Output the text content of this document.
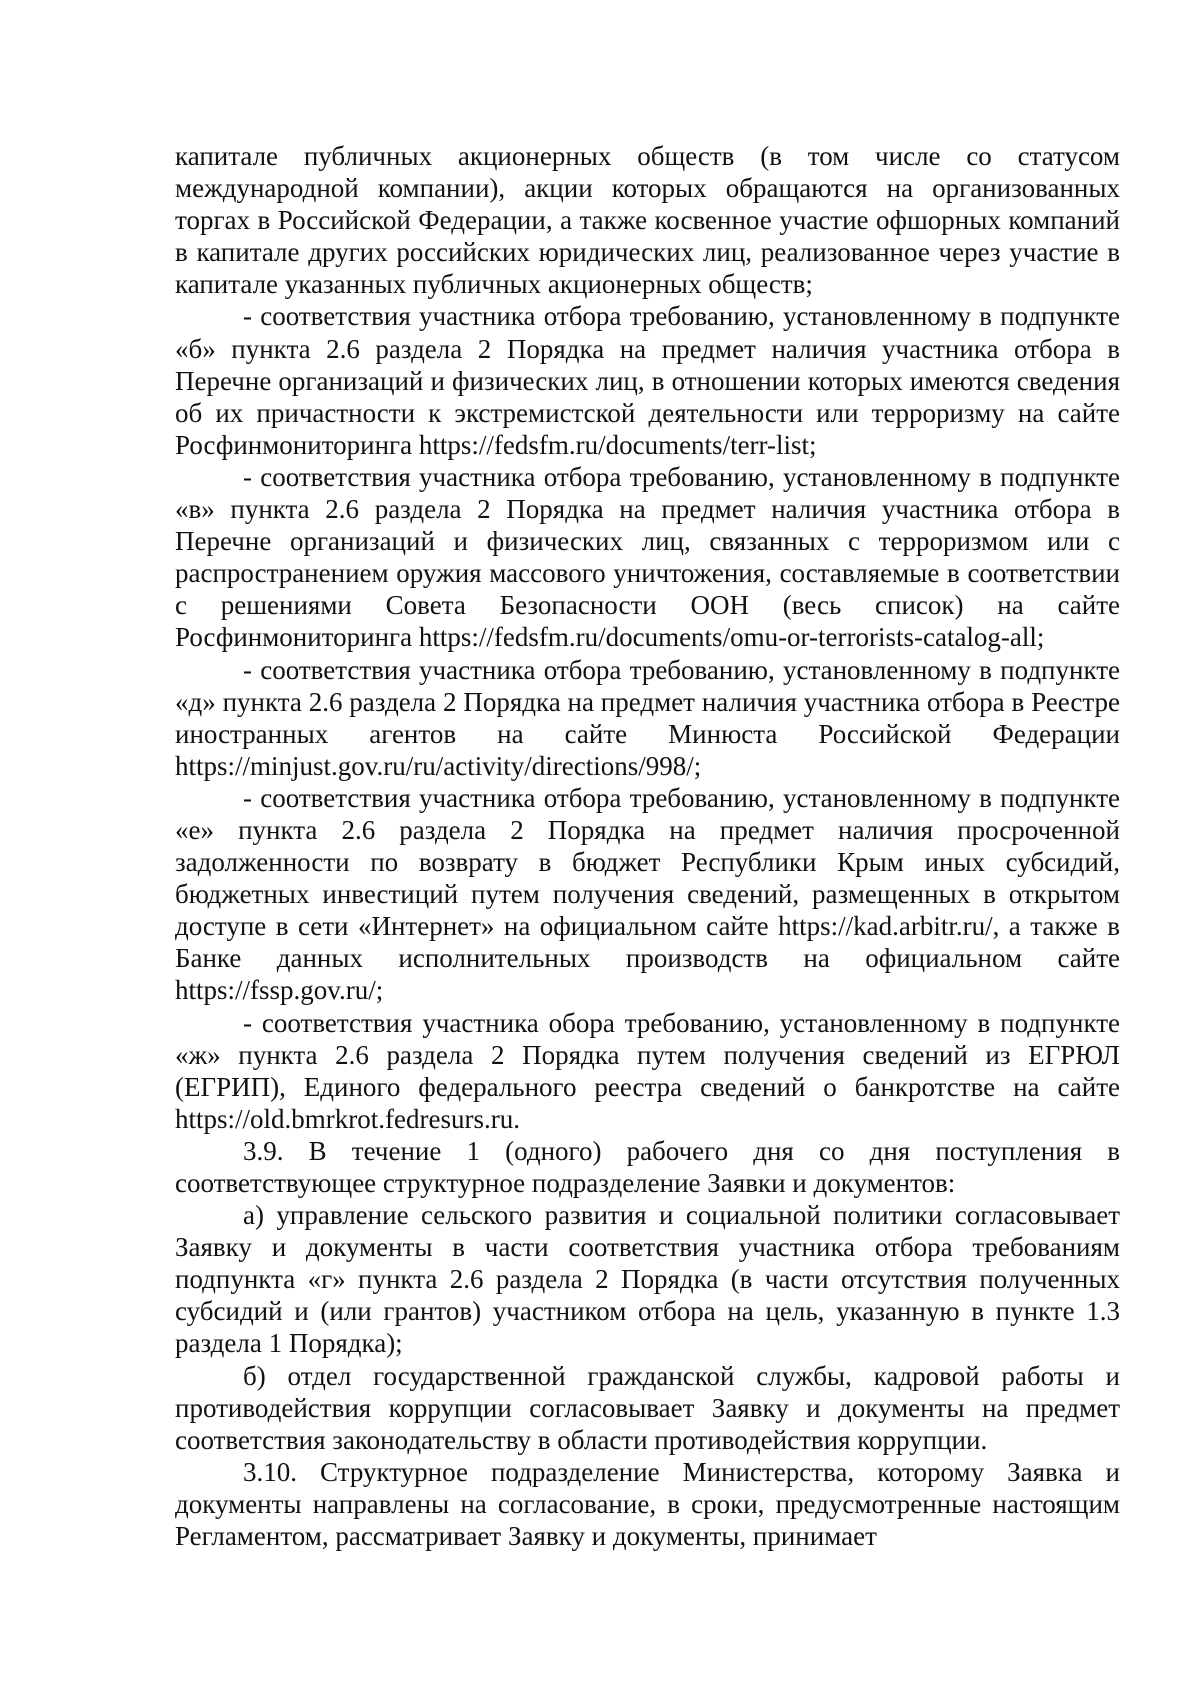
капитале публичных акционерных обществ (в том числе со статусом международной компании), акции которых обращаются на организованных торгах в Российской Федерации, а также косвенное участие офшорных компаний в капитале других российских юридических лиц, реализованное через участие в капитале указанных публичных акционерных обществ;

- соответствия участника отбора требованию, установленному в подпункте «б» пункта 2.6 раздела 2 Порядка на предмет наличия участника отбора в Перечне организаций и физических лиц, в отношении которых имеются сведения об их причастности к экстремистской деятельности или терроризму на сайте Росфинмониторинга https://fedsfm.ru/documents/terr-list;

- соответствия участника отбора требованию, установленному в подпункте «в» пункта 2.6 раздела 2 Порядка на предмет наличия участника отбора в Перечне организаций и физических лиц, связанных с терроризмом или с распространением оружия массового уничтожения, составляемые в соответствии с решениями Совета Безопасности ООН (весь список) на сайте Росфинмониторинга https://fedsfm.ru/documents/omu-or-terrorists-catalog-all;

- соответствия участника отбора требованию, установленному в подпункте «д» пункта 2.6 раздела 2 Порядка на предмет наличия участника отбора в Реестре иностранных агентов на сайте Минюста Российской Федерации https://minjust.gov.ru/ru/activity/directions/998/;

- соответствия участника отбора требованию, установленному в подпункте «е» пункта 2.6 раздела 2 Порядка на предмет наличия просроченной задолженности по возврату в бюджет Республики Крым иных субсидий, бюджетных инвестиций путем получения сведений, размещенных в открытом доступе в сети «Интернет» на официальном сайте https://kad.arbitr.ru/, а также в Банке данных исполнительных производств на официальном сайте https://fssp.gov.ru/;

- соответствия участника обора требованию, установленному в подпункте «ж» пункта 2.6 раздела 2 Порядка путем получения сведений из ЕГРЮЛ (ЕГРИП), Единого федерального реестра сведений о банкротстве на сайте https://old.bmrkrot.fedresurs.ru.

3.9. В течение 1 (одного) рабочего дня со дня поступления в соответствующее структурное подразделение Заявки и документов:

а) управление сельского развития и социальной политики согласовывает Заявку и документы в части соответствия участника отбора требованиям подпункта «г» пункта 2.6 раздела 2 Порядка (в части отсутствия полученных субсидий и (или грантов) участником отбора на цель, указанную в пункте 1.3 раздела 1 Порядка);

б) отдел государственной гражданской службы, кадровой работы и противодействия коррупции согласовывает Заявку и документы на предмет соответствия законодательству в области противодействия коррупции.

3.10. Структурное подразделение Министерства, которому Заявка и документы направлены на согласование, в сроки, предусмотренные настоящим Регламентом, рассматривает Заявку и документы, принимает
